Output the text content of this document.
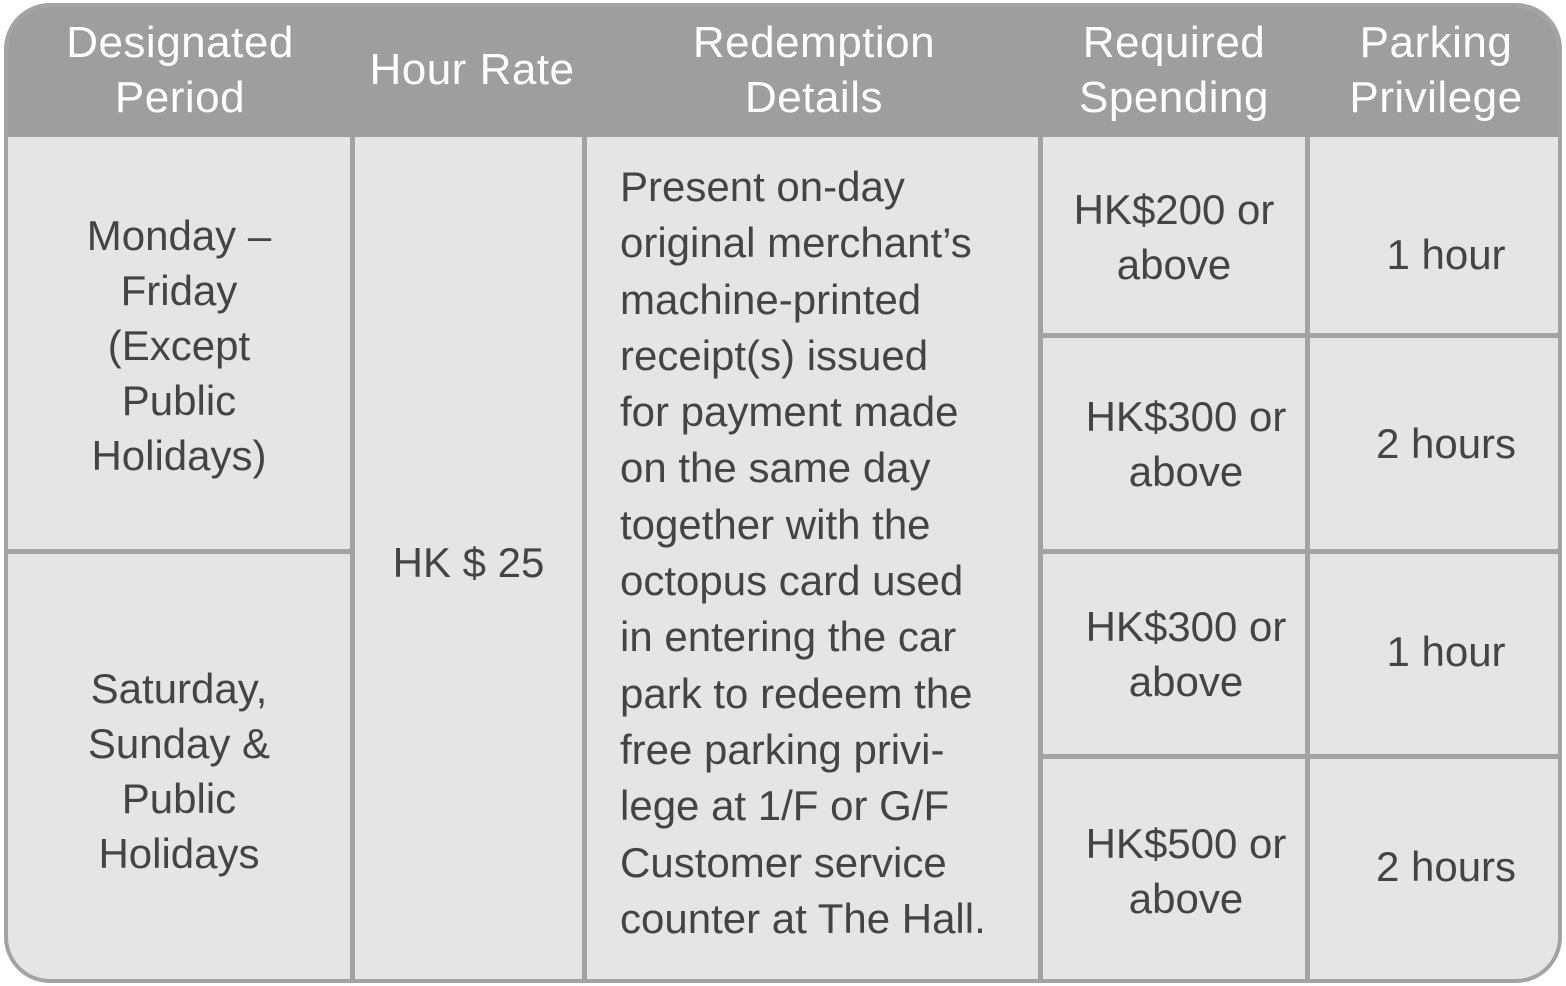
Designated
Period
Hour Rate
Redemption
Details
Required
Spending
Parking
Privilege
Monday –
Friday
(Except
Public
Holidays)
Saturday,
Sunday &
Public
Holidays
HK $ 25
Present on-day
original merchant’s
machine-printed
receipt(s) issued
for payment made
on the same day
together with the
octopus card used
in entering the car
park to redeem the
free parking privi-
lege at 1/F or G/F
Customer service
counter at The Hall.
HK$200 or
above	1 hour
HK$300 or
above
2 hours
HK$300 or
above
1 hour
HK$500 or
above
2 hours
